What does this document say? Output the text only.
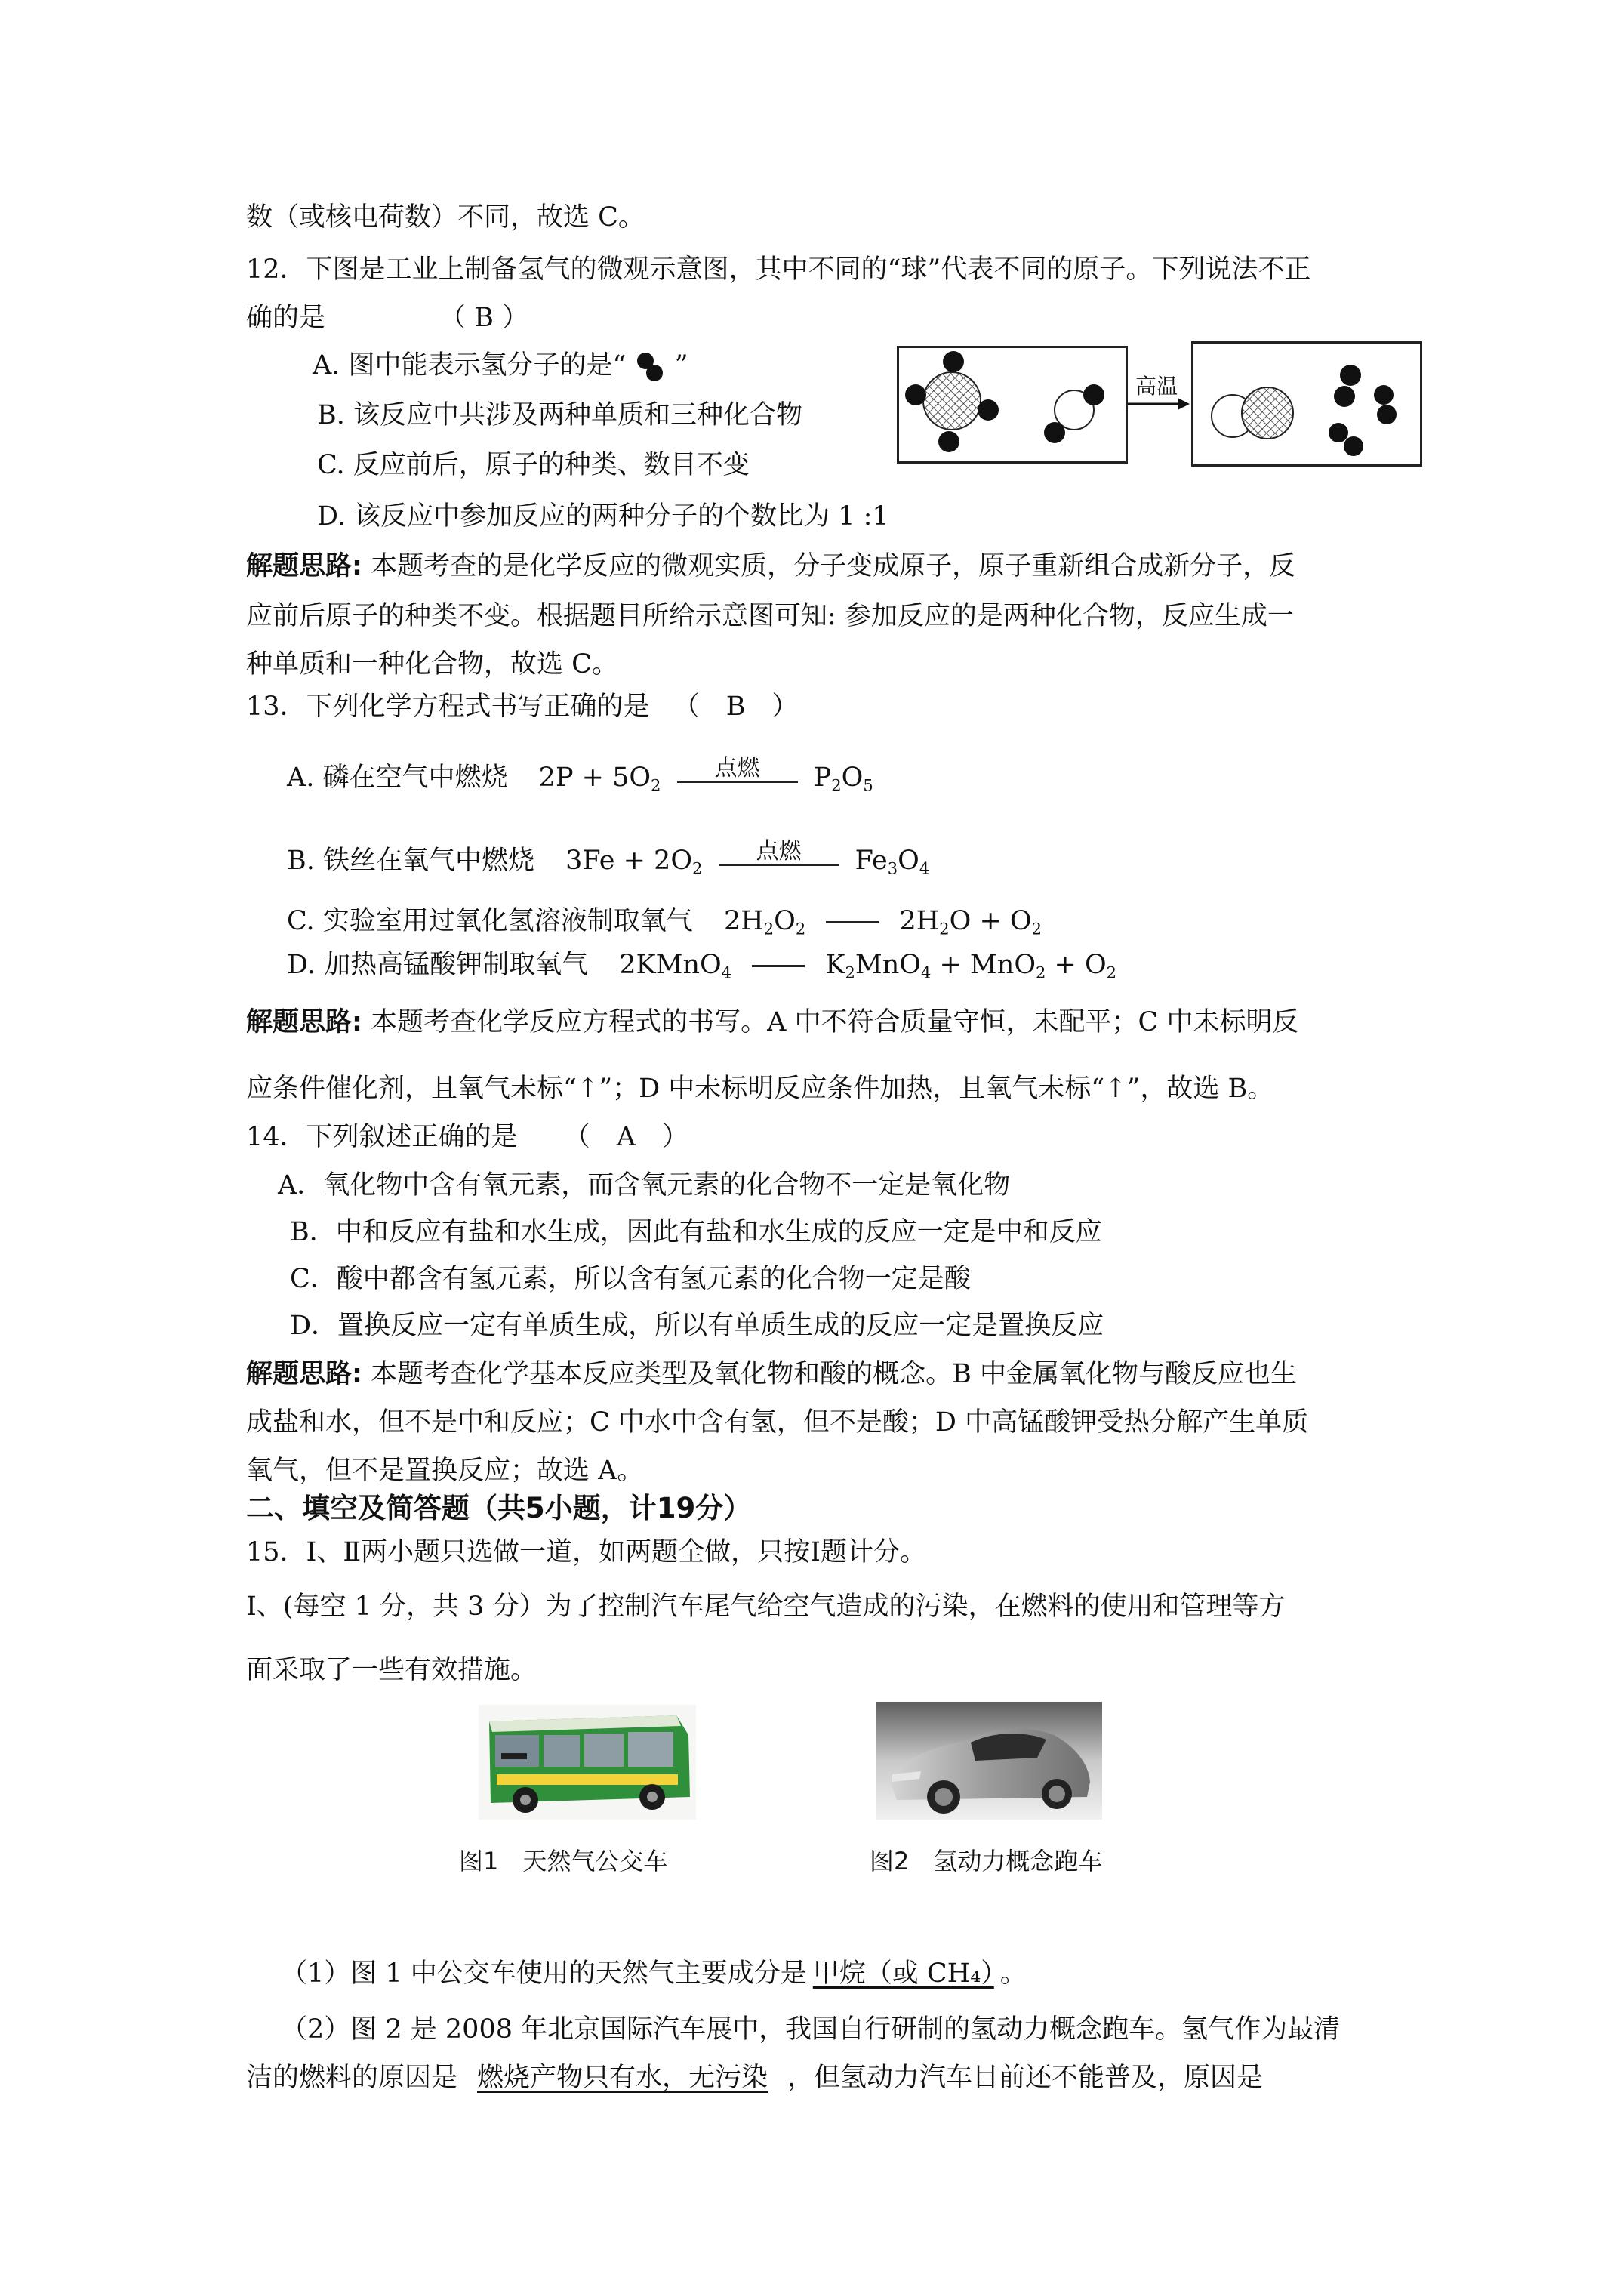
数（或核电荷数）不同，故选 C。
12．下图是工业上制备氢气的微观示意图，其中不同的“球”代表不同的原子。下列说法不正
确的是	（ B ）
A. 图中能表示氢分子的是“ ”
B. 该反应中共涉及两种单质和三种化合物
C. 反应前后，原子的种类、数目不变
D. 该反应中参加反应的两种分子的个数比为 1 :1
高温
解题思路: 本题考查的是化学反应的微观实质，分子变成原子，原子重新组合成新分子，反
应前后原子的种类不变。根据题目所给示意图可知: 参加反应的是两种化合物，反应生成一
种单质和一种化合物，故选 C。
13．下列化学方程式书写正确的是 （　B　）
A. 磷在空气中燃烧 $2P + 5O_2$
点燃	$P_2O_5$
B. 铁丝在氧气中燃烧 $3Fe + 2O_2$
点燃	$Fe_3O_4$
C. 实验室用过氧化氢溶液制取氧气 $2H_2O_2$	$2H_2O + O_2$
D. 加热高锰酸钾制取氧气 2KMnO$_4$	$K_2MnO_4 + MnO_2 + O_2$
解题思路: 本题考查化学反应方程式的书写。A 中不符合质量守恒，未配平；C 中未标明反
应条件催化剂，且氧气未标“↑”；D 中未标明反应条件加热，且氧气未标“↑”，故选 B。
14．下列叙述正确的是 （　A　）
A．氧化物中含有氧元素，而含氧元素的化合物不一定是氧化物
B．中和反应有盐和水生成，因此有盐和水生成的反应一定是中和反应
C．酸中都含有氢元素，所以含有氢元素的化合物一定是酸
D．置换反应一定有单质生成，所以有单质生成的反应一定是置换反应
解题思路: 本题考查化学基本反应类型及氧化物和酸的概念。B 中金属氧化物与酸反应也生
成盐和水，但不是中和反应；C 中水中含有氢，但不是酸；D 中高锰酸钾受热分解产生单质
氧气，但不是置换反应；故选 A。
二、填空及简答题（共5小题，计19分）
15．Ⅰ、Ⅱ两小题只选做一道，如两题全做，只按Ⅰ题计分。
Ⅰ、(每空 1 分，共 3 分）为了控制汽车尾气给空气造成的污染，在燃料的使用和管理等方
面采取了一些有效措施。
图1　天然气公交车	图2　氢动力概念跑车
（1）图 1 中公交车使用的天然气主要成分是 甲烷（或 CH₄） 。
（2）图 2 是 2008 年北京国际汽车展中，我国自行研制的氢动力概念跑车。氢气作为最清
洁的燃料的原因是 燃烧产物只有水，无污染 ，但氢动力汽车目前还不能普及，原因是
